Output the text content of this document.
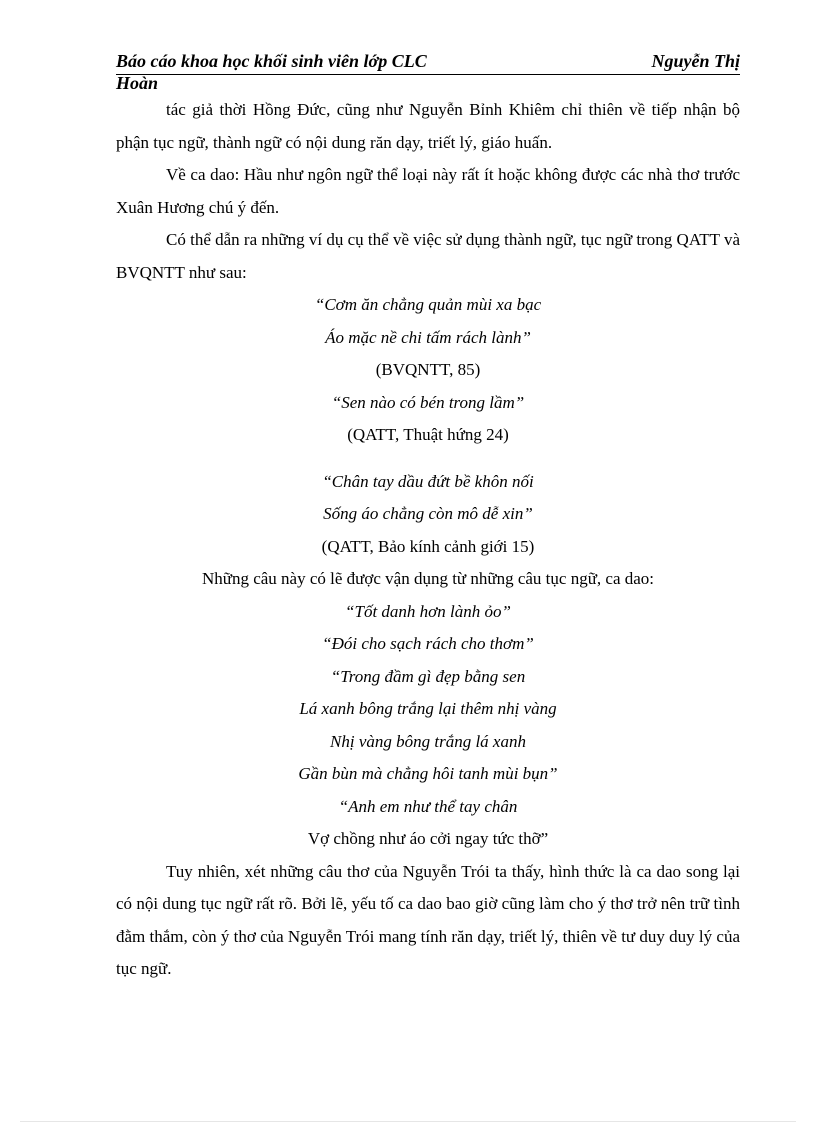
Báo cáo khoa học khối sinh viên lớp CLC
Hoàn
Nguyễn Thị

tác giả thời Hồng Đức, cũng như Nguyễn Bỉnh Khiêm chỉ thiên về tiếp nhận bộ phận tục ngữ, thành ngữ có nội dung răn dạy, triết lý, giáo huấn.

Về ca dao: Hầu như ngôn ngữ thể loại này rất ít hoặc không được các nhà thơ trước Xuân Hương chú ý đến.

Có thể dẫn ra những ví dụ cụ thể về việc sử dụng thành ngữ, tục ngữ trong QATT và BVQNTT như sau:

“Cơm ăn chẳng quản mùi xa bạc

Áo mặc nề chi tấm rách lành”

(BVQNTT, 85)

“Sen nào có bén trong lầm”

(QATT, Thuật hứng 24)

“Chân tay dầu đứt bề khôn nối

Sống áo chẳng còn mô dễ xin”

(QATT, Bảo kính cảnh giới 15)

Những câu này có lẽ được vận dụng từ những câu tục ngữ, ca dao:

“Tốt danh hơn lành ỏo”

“Đói cho sạch rách cho thơm”

“Trong đầm gì đẹp bằng sen

Lá xanh bông trắng lại thêm nhị vàng

Nhị vàng bông trắng lá xanh

Gần bùn mà chẳng hôi tanh mùi bụn”

“Anh em như thể tay chân

Vợ chồng như áo cởi ngay tức thỡ”

Tuy nhiên, xét những câu thơ của Nguyễn Trói ta thấy, hình thức là ca dao song lại có nội dung tục ngữ rất rõ. Bởi lẽ, yếu tố ca dao bao giờ cũng làm cho ý thơ trở nên trữ tình đằm thắm, còn ý thơ của Nguyễn Trói mang tính răn dạy, triết lý, thiên về tư duy duy lý của tục ngữ.
